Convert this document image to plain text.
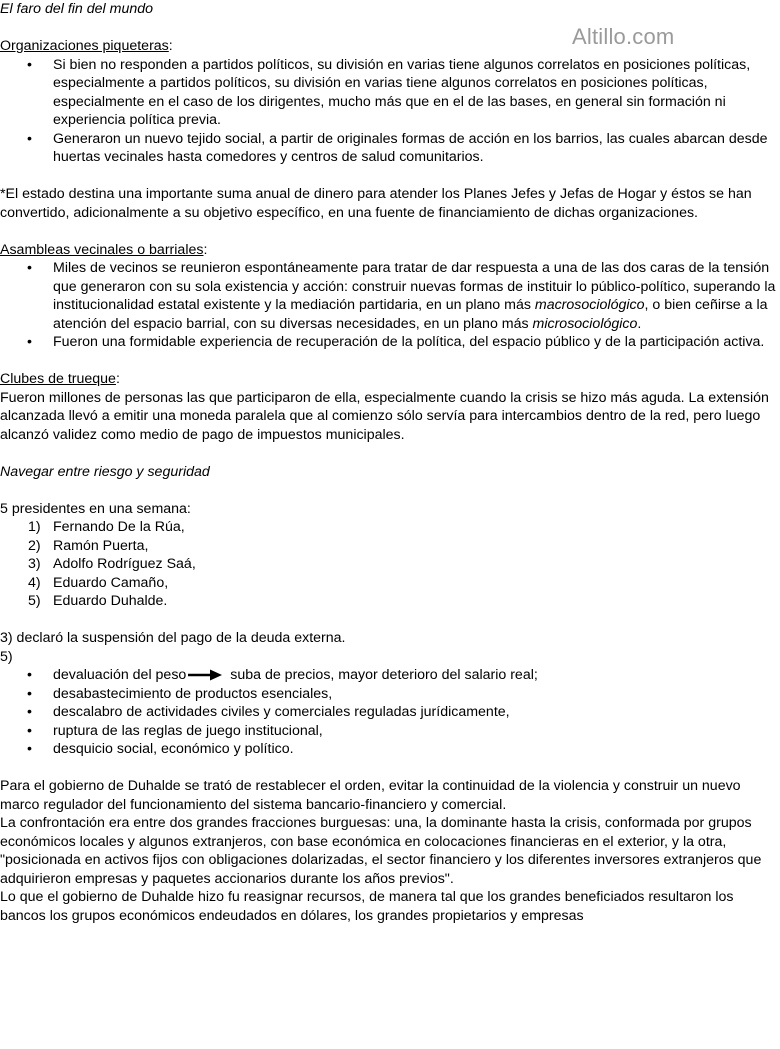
Altillo.com

El faro del fin del mundo

Organizaciones piqueteras:

• Si bien no responden a partidos políticos, su división en varias tiene algunos correlatos en posiciones políticas, especialmente a partidos políticos, su división en varias tiene algunos correlatos en posiciones políticas, especialmente en el caso de los dirigentes, mucho más que en el de las bases, en general sin formación ni experiencia política previa.
• Generaron un nuevo tejido social, a partir de originales formas de acción en los barrios, las cuales abarcan desde huertas vecinales hasta comedores y centros de salud comunitarios.

*El estado destina una importante suma anual de dinero para atender los Planes Jefes y Jefas de Hogar y éstos se han convertido, adicionalmente a su objetivo específico, en una fuente de financiamiento de dichas organizaciones.

Asambleas vecinales o barriales:

• Miles de vecinos se reunieron espontáneamente para tratar de dar respuesta a una de las dos caras de la tensión que generaron con su sola existencia y acción: construir nuevas formas de instituir lo público-político, superando la institucionalidad estatal existente y la mediación partidaria, en un plano más macrosociológico, o bien ceñirse a la atención del espacio barrial, con su diversas necesidades, en un plano más microsociológico.
• Fueron una formidable experiencia de recuperación de la política, del espacio público y de la participación activa.

Clubes de trueque:

Fueron millones de personas las que participaron de ella, especialmente cuando la crisis se hizo más aguda. La extensión alcanzada llevó a emitir una moneda paralela que al comienzo sólo servía para intercambios dentro de la red, pero luego alcanzó validez como medio de pago de impuestos municipales.

Navegar entre riesgo y seguridad

5 presidentes en una semana:

1) Fernando De la Rúa,
2) Ramón Puerta,
3) Adolfo Rodríguez Saá,
4) Eduardo Camaño,
5) Eduardo Duhalde.

3) declaró la suspensión del pago de la deuda externa.

5)

• devaluación del peso	suba de precios, mayor deterioro del salario real;
• desabastecimiento de productos esenciales,
• descalabro de actividades civiles y comerciales reguladas jurídicamente,
• ruptura de las reglas de juego institucional,
• desquicio social, económico y político.

Para el gobierno de Duhalde se trató de restablecer el orden, evitar la continuidad de la violencia y construir un nuevo marco regulador del funcionamiento del sistema bancario-financiero y comercial.

La confrontación era entre dos grandes fracciones burguesas: una, la dominante hasta la crisis, conformada por grupos económicos locales y algunos extranjeros, con base económica en colocaciones financieras en el exterior, y la otra, "posicionada en activos fijos con obligaciones dolarizadas, el sector financiero y los diferentes inversores extranjeros que adquirieron empresas y paquetes accionarios durante los años previos".

Lo que el gobierno de Duhalde hizo fu reasignar recursos, de manera tal que los grandes beneficiados resultaron los bancos los grupos económicos endeudados en dólares, los grandes propietarios y empresas
